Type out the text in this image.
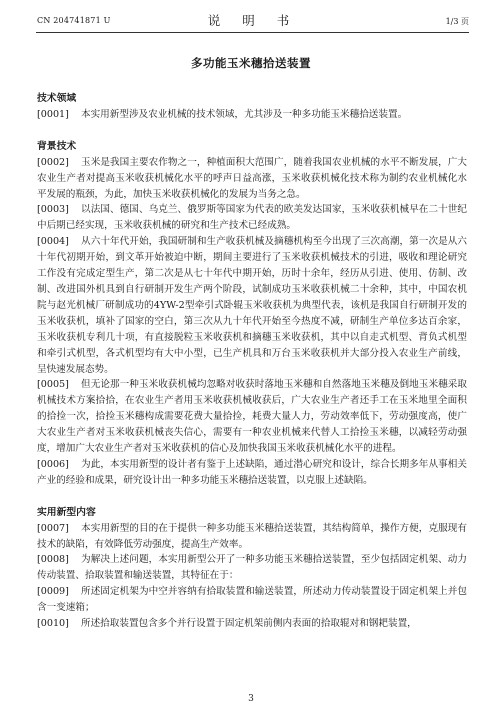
CN 204741871 U	说 明 书	1/3 页
多功能玉米穗拾送装置
技术领域
[0001] 本实用新型涉及农业机械的技术领域，尤其涉及一种多功能玉米穗拾送装置。
背景技术
[0002] 玉米是我国主要农作物之一，种植面积大范围广，随着我国农业机械的水平不断发展，广大农业生产者对提高玉米收获机械化水平的呼声日益高涨，玉米收获机械化技术称为制约农业机械化水平发展的瓶颈，为此，加快玉米收获机械化的发展为当务之急。
[0003] 以法国、德国、乌克兰、俄罗斯等国家为代表的欧美发达国家，玉米收获机械早在二十世纪中后期已经实现，玉米收获机械的研究和生产技术已经成熟。
[0004] 从六十年代开始，我国研制和生产收获机械及摘穗机构至今出现了三次高潮，第一次是从六十年代初期开始，到文革开始被迫中断，期间主要进行了玉米收获机械技术的引进，吸收和理论研究工作没有完成定型生产，第二次是从七十年代中期开始，历时十余年，经历从引进、使用、仿制、改制、改进国外机具到自行研制开发生产两个阶段，试制成功玉米收获机械二十余种，其中，中国农机院与赵光机械厂研制成功的4YW-2型牵引式卧辊玉米收获机为典型代表，该机是我国自行研制开发的玉米收获机，填补了国家的空白，第三次从九十年代开始至今热度不减，研制生产单位多达百余家，玉米收获机专利几十项，有直接脱粒玉米收获机和摘穗玉米收获机，其中以自走式机型、背负式机型和牵引式机型，各式机型均有大中小型，已生产机具和万台玉米收获机并大部分投入农业生产前线，呈快速发展态势。
[0005] 但无论那一种玉米收获机械均忽略对收获时落地玉米穗和自然落地玉米穗及倒地玉米穗采取机械技术方案拾拾，在农业生产者用玉米收获机械收获后，广大农业生产者还手工在玉米地里全面积的拾捡一次，拾捡玉米穗构成需要花费大量拾捡，耗费大量人力，劳动效率低下，劳动强度高，使广大农业生产者对玉米收获机械丧失信心，需要有一种农业机械来代替人工拾捡玉米穗，以减轻劳动强度，增加广大农业生产者对玉米收获机的信心及加快我国玉米收获机械化水平的进程。
[0006] 为此，本实用新型的设计者有鉴于上述缺陷，通过潜心研究和设计，综合长期多年从事相关产业的经验和成果，研究设计出一种多功能玉米穗拾送装置，以克服上述缺陷。
实用新型内容
[0007] 本实用新型的目的在于提供一种多功能玉米穗拾送装置，其结构简单，操作方便，克服现有技术的缺陷，有效降低劳动强度，提高生产效率。
[0008] 为解决上述问题，本实用新型公开了一种多功能玉米穗拾送装置，至少包括固定机架、动力传动装置、拾取装置和输送装置，其特征在于：
[0009] 所述固定机架为中空并容纳有拾取装置和输送装置，所述动力传动装置设于固定机架上并包含一变速箱；
[0010] 所述拾取装置包含多个并行设置于固定机架前侧内表面的拾取辊对和钢耙装置，
3
